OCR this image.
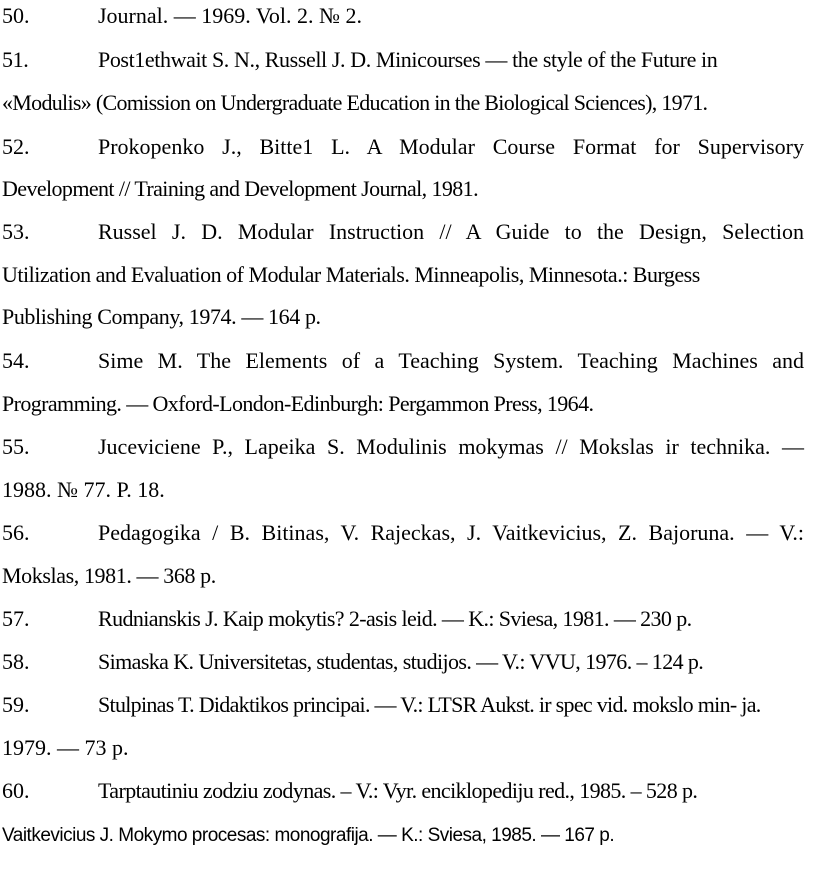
50.	Journal. — 1969. Vol. 2. № 2.
51.	Post1ethwait S. N., Russell J. D. Minicourses — the style of the Future in
«Modulis» (Comission on Undergraduate Education in the Biological Sciences), 1971.
52.	Prokopenko J., Bitte1 L. A Modular Course Format for Supervisory
Development // Training and Development Journal, 1981.
53.	Russel J. D. Modular Instruction // A Guide to the Design, Selection
Utilization and Evaluation of Modular Materials. Minneapolis, Minnesota.: Burgess
Publishing Company, 1974. — 164 p.
54.	Sime M. The Elements of a Teaching System. Teaching Machines and
Programming. — Oxford-London-Edinburgh: Pergammon Press, 1964.
55.	Juceviciene P., Lapeika S. Modulinis mokymas // Mokslas ir technika. —
1988. № 77. P. 18.
56.	Pedagogika / B. Bitinas, V. Rajeckas, J. Vaitkevicius, Z. Bajoruna. — V.:
Mokslas, 1981. — 368 p.
57.	Rudnianskis J. Kaip mokytis? 2-asis leid. — K.: Sviesa, 1981. — 230 p.
58.	Simaska K. Universitetas, studentas, studijos. — V.: VVU, 1976. – 124 p.
59.	Stulpinas T. Didaktikos principai. — V.: LTSR Aukst. ir spec vid. mokslo min- ja.
1979. — 73 p.
60.	Tarptautiniu zodziu zodynas. – V.: Vyr. enciklopediju red., 1985. – 528 p.
Vaitkevicius J. Mokymo procesas: monografija. — K.: Sviesa, 1985. — 167 p.
